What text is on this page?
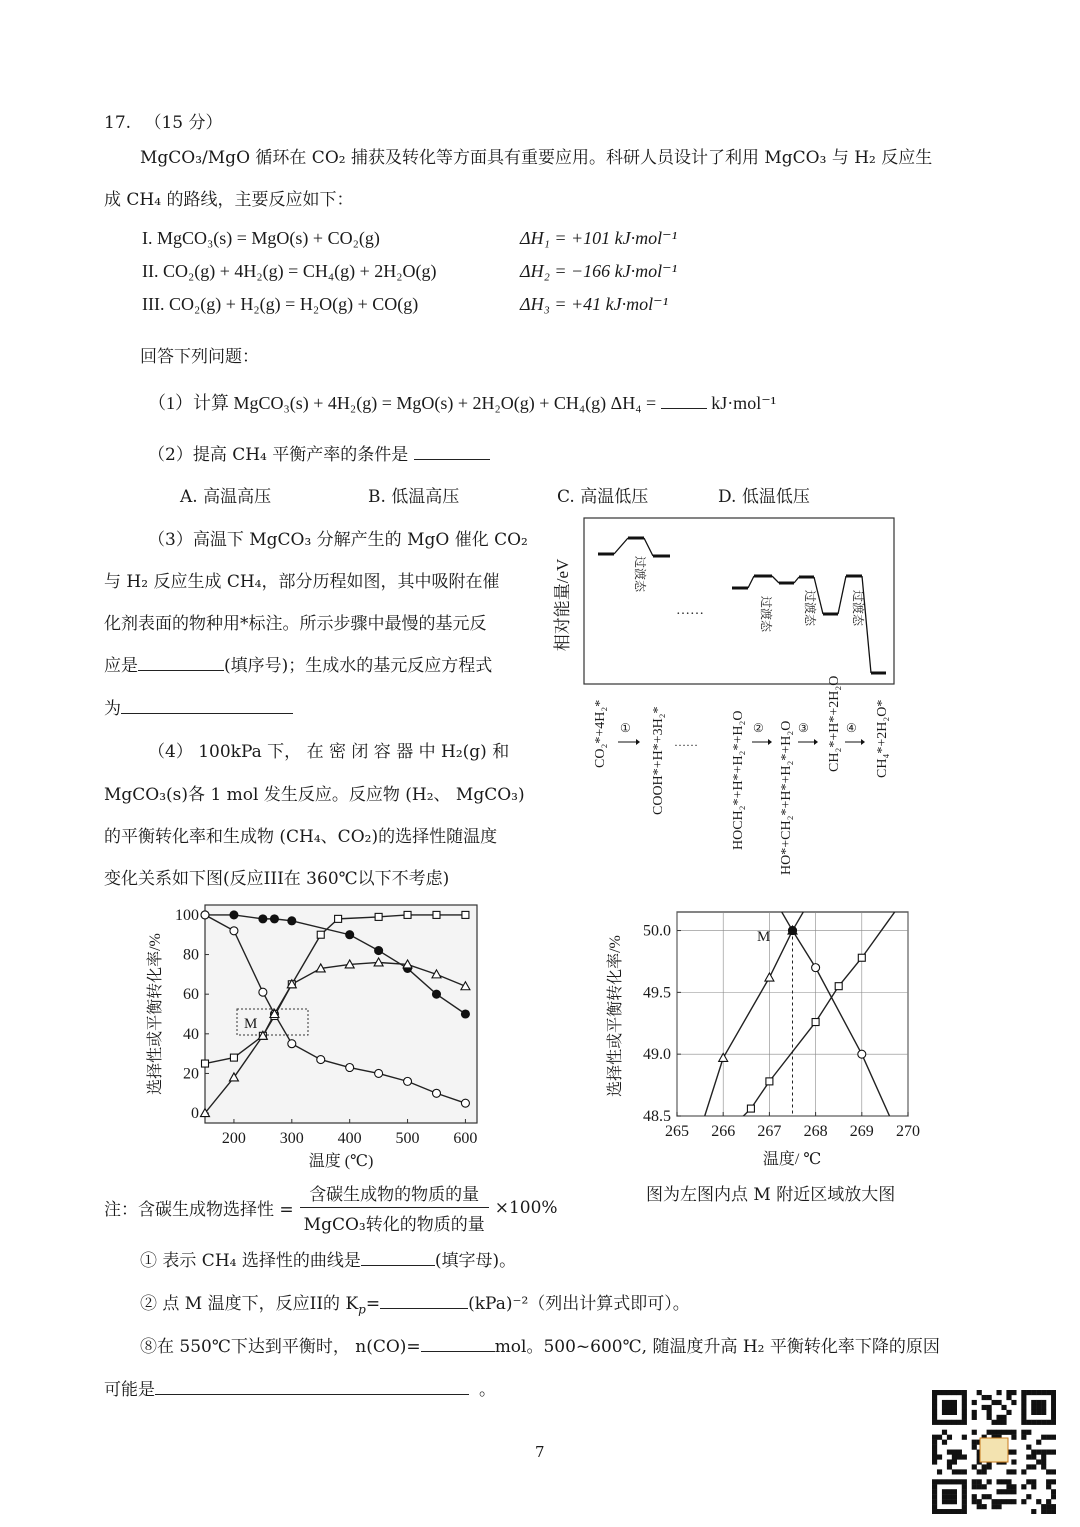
17. （15 分）
MgCO₃/MgO 循环在 CO₂ 捕获及转化等方面具有重要应用。科研人员设计了利用 MgCO₃ 与 H₂ 反应生
成 CH₄ 的路线，主要反应如下：
I. MgCO₃(s) = MgO(s) + CO₂(g)	ΔH₁ = +101 kJ·mol⁻¹
II. CO₂(g) + 4H₂(g) = CH₄(g) + 2H₂O(g)	ΔH₂ = −166 kJ·mol⁻¹
III. CO₂(g) + H₂(g) = H₂O(g) + CO(g)	ΔH₃ = +41 kJ·mol⁻¹
回答下列问题：
（1）计算 MgCO₃(s) + 4H₂(g) = MgO(s) + 2H₂O(g) + CH₄(g) ΔH₄ =	kJ·mol⁻¹
（2）提高 CH₄ 平衡产率的条件是
A. 高温高压	B. 低温高压	C. 高温低压	D. 低温低压
（3）高温下 MgCO₃ 分解产生的 MgO 催化 CO₂
与 H₂ 反应生成 CH₄，部分历程如图，其中吸附在催
化剂表面的物种用*标注。所示步骤中最慢的基元反
应是	(填序号)；生成水的基元反应方程式
为
（4） 100kPa 下， 在 密 闭 容 器 中 H₂(g) 和
MgCO₃(s)各 1 mol 发生反应。反应物 (H₂、 MgCO₃)
的平衡转化率和生成物 (CH₄、CO₂)的选择性随温度
变化关系如下图(反应III在 360℃以下不考虑)
相对能量/eV	……
过渡态
过渡态	过渡态	过渡态
CO₂*+4H₂*	COOH*+H*+3H₂*	HOCH₂*+H*+H₂*+H₂O HO*+CH₂*+H*+H₂*+H₂O CH₂*+H*+2H₂O CH₄*+2H₂O*
①
……
②	③	④
200 300 400 500 600
0
20
40
60
80
100
M
温度 (℃)
选择性或平衡转化率/%
265 266 267 268 269 270
48.5
49.0
49.5
50.0	M
温度/ ℃
选择性或平衡转化率/%
图为左图内点 M 附近区域放大图
注：含碳生成物选择性 =
含碳生成物的物质的量
MgCO₃转化的物质的量
×100%
① 表示 CH₄ 选择性的曲线是	(填字母)。
② 点 M 温度下，反应II的 $K_p=$	(kPa)⁻²（列出计算式即可）。
⑧在 550℃下达到平衡时， n(CO)=	mol。500~600℃, 随温度升高 H₂ 平衡转化率下降的原因
可能是	。
7
